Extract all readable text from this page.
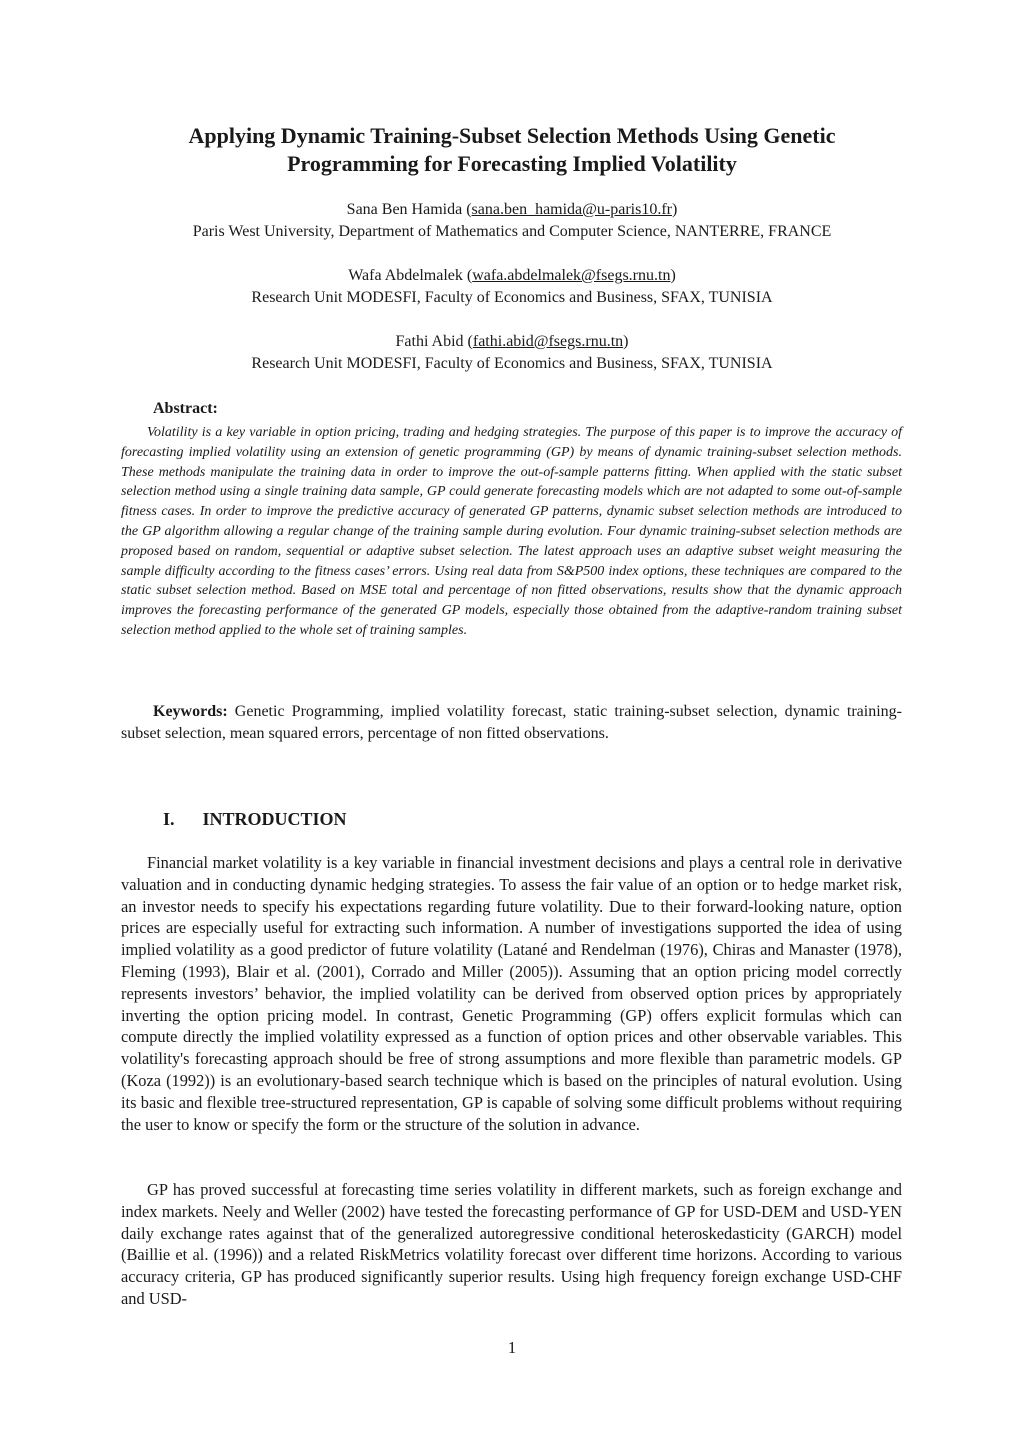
Applying Dynamic Training-Subset Selection Methods Using Genetic Programming for Forecasting Implied Volatility
Sana Ben Hamida (sana.ben_hamida@u-paris10.fr)
Paris West University, Department of Mathematics and Computer Science, NANTERRE, FRANCE
Wafa Abdelmalek (wafa.abdelmalek@fsegs.rnu.tn)
Research Unit MODESFI, Faculty of Economics and Business, SFAX, TUNISIA
Fathi Abid (fathi.abid@fsegs.rnu.tn)
Research Unit MODESFI, Faculty of Economics and Business, SFAX, TUNISIA
Abstract:
Volatility is a key variable in option pricing, trading and hedging strategies. The purpose of this paper is to improve the accuracy of forecasting implied volatility using an extension of genetic programming (GP) by means of dynamic training-subset selection methods. These methods manipulate the training data in order to improve the out-of-sample patterns fitting. When applied with the static subset selection method using a single training data sample, GP could generate forecasting models which are not adapted to some out-of-sample fitness cases. In order to improve the predictive accuracy of generated GP patterns, dynamic subset selection methods are introduced to the GP algorithm allowing a regular change of the training sample during evolution. Four dynamic training-subset selection methods are proposed based on random, sequential or adaptive subset selection. The latest approach uses an adaptive subset weight measuring the sample difficulty according to the fitness cases’ errors. Using real data from S&P500 index options, these techniques are compared to the static subset selection method. Based on MSE total and percentage of non fitted observations, results show that the dynamic approach improves the forecasting performance of the generated GP models, especially those obtained from the adaptive-random training subset selection method applied to the whole set of training samples.
Keywords: Genetic Programming, implied volatility forecast, static training-subset selection, dynamic training-subset selection, mean squared errors, percentage of non fitted observations.
I. INTRODUCTION
Financial market volatility is a key variable in financial investment decisions and plays a central role in derivative valuation and in conducting dynamic hedging strategies. To assess the fair value of an option or to hedge market risk, an investor needs to specify his expectations regarding future volatility. Due to their forward-looking nature, option prices are especially useful for extracting such information. A number of investigations supported the idea of using implied volatility as a good predictor of future volatility (Latané and Rendelman (1976), Chiras and Manaster (1978), Fleming (1993), Blair et al. (2001), Corrado and Miller (2005)). Assuming that an option pricing model correctly represents investors’ behavior, the implied volatility can be derived from observed option prices by appropriately inverting the option pricing model. In contrast, Genetic Programming (GP) offers explicit formulas which can compute directly the implied volatility expressed as a function of option prices and other observable variables. This volatility's forecasting approach should be free of strong assumptions and more flexible than parametric models. GP (Koza (1992)) is an evolutionary-based search technique which is based on the principles of natural evolution. Using its basic and flexible tree-structured representation, GP is capable of solving some difficult problems without requiring the user to know or specify the form or the structure of the solution in advance.
GP has proved successful at forecasting time series volatility in different markets, such as foreign exchange and index markets. Neely and Weller (2002) have tested the forecasting performance of GP for USD-DEM and USD-YEN daily exchange rates against that of the generalized autoregressive conditional heteroskedasticity (GARCH) model (Baillie et al. (1996)) and a related RiskMetrics volatility forecast over different time horizons. According to various accuracy criteria, GP has produced significantly superior results. Using high frequency foreign exchange USD-CHF and USD-
1
